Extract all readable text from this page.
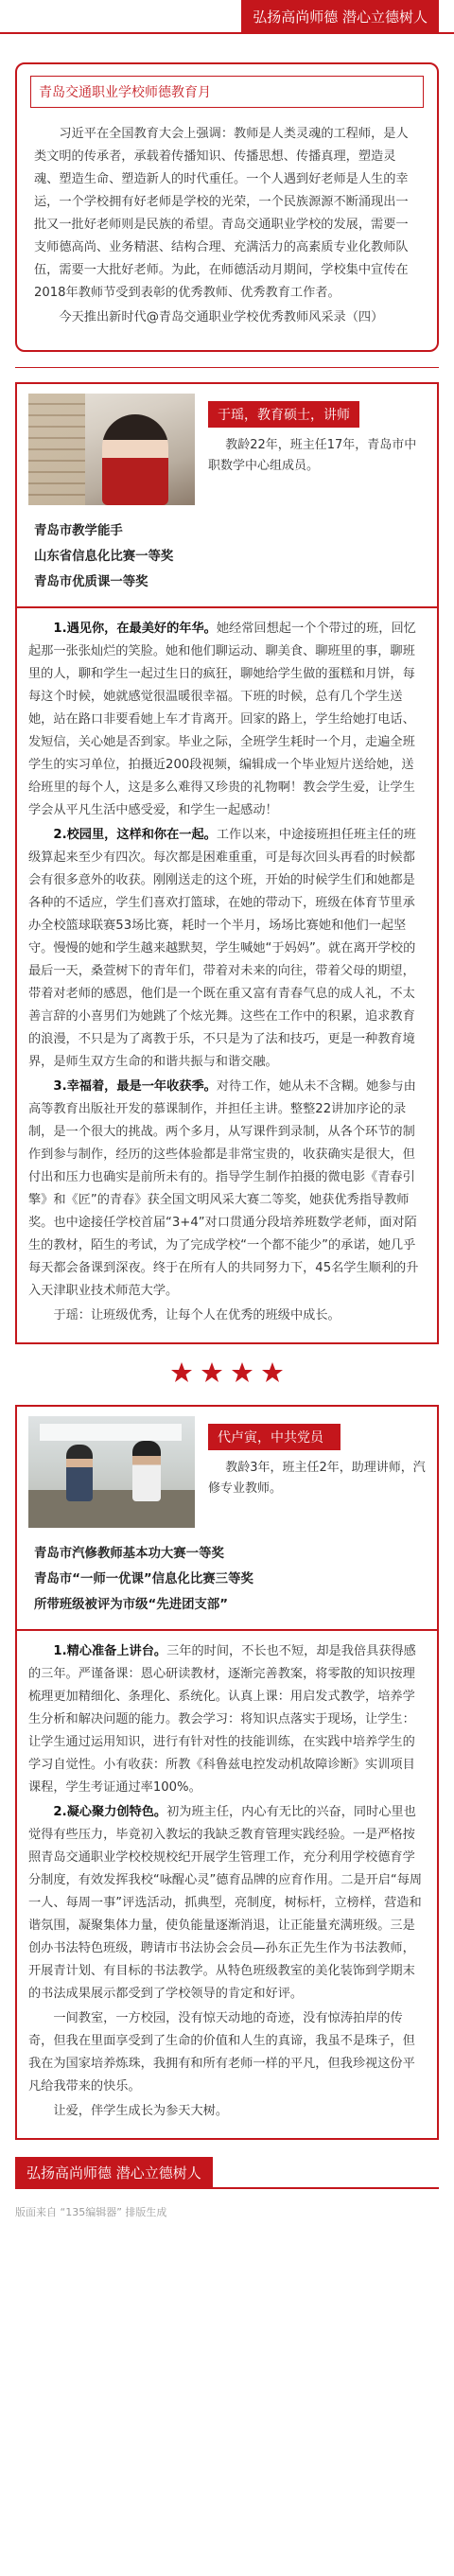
弘扬高尚师德 潜心立德树人
青岛交通职业学校师德教育月

习近平在全国教育大会上强调：教师是人类灵魂的工程师，是人类文明的传承者，承载着传播知识、传播思想、传播真理，塑造灵魂、塑造生命、塑造新人的时代重任。一个人遇到好老师是人生的幸运，一个学校拥有好老师是学校的光荣，一个民族源源不断涌现出一批又一批好老师则是民族的希望。青岛交通职业学校的发展，需要一支师德高尚、业务精湛、结构合理、充满活力的高素质专业化教师队伍，需要一大批好老师。为此，在师德活动月期间，学校集中宣传在2018年教师节受到表彰的优秀教师、优秀教育工作者。

今天推出新时代@青岛交通职业学校优秀教师风采录（四）

于瑶，教育硕士，讲师
教龄22年，班主任17年，青岛市中职数学中心组成员。
青岛市教学能手
山东省信息化比赛一等奖
青岛市优质课一等奖
1.遇见你，在最美好的年华。她经常回想起一个个带过的班，回忆起那一张张灿烂的笑脸。她和他们聊运动、聊美食、聊班里的事，聊班里的人，聊和学生一起过生日的疯狂，聊她给学生做的蛋糕和月饼，每每这个时候，她就感觉很温暖很幸福。下班的时候，总有几个学生送她，站在路口非要看她上车才肯离开。回家的路上，学生给她打电话、发短信，关心她是否到家。毕业之际，全班学生耗时一个月，走遍全班学生的实习单位，拍摄近200段视频，编辑成一个毕业短片送给她，送给班里的每个人，这是多么难得又珍贵的礼物啊！教会学生爱，让学生学会从平凡生活中感受爱，和学生一起感动！
2.校园里，这样和你在一起。工作以来，中途接班担任班主任的班级算起来至少有四次。每次都是困难重重，可是每次回头再看的时候都会有很多意外的收获。刚刚送走的这个班，开始的时候学生们和她都是各种的不适应，学生们喜欢打篮球，在她的带动下，班级在体育节里承办全校篮球联赛53场比赛，耗时一个半月，场场比赛她和他们一起坚守。慢慢的她和学生越来越默契，学生喊她“于妈妈”。就在离开学校的最后一天，桑萱树下的青年们，带着对未来的向往，带着父母的期望，带着对老师的感恩，他们是一个既在重又富有青春气息的成人礼，不太善言辞的小喜男们为她跳了个炫光舞。这些在工作中的积累，追求教育的浪漫，不只是为了离教于乐，不只是为了法和技巧，更是一种教育境界，是师生双方生命的和谐共振与和谐交融。
3.幸福着，最是一年收获季。对待工作，她从未不含糊。她参与由高等教育出版社开发的慕课制作，并担任主讲。整整22讲加序论的录制，是一个很大的挑战。两个多月，从写课件到录制，从各个环节的制作到参与制作，经历的这些体验都是非常宝贵的，收获确实是很大，但付出和压力也确实是前所未有的。指导学生制作拍摄的微电影《青春引擎》和《匠”的青春》获全国文明风采大赛二等奖，她获优秀指导教师奖。也中途接任学校首届“3+4”对口贯通分段培养班数学老师，面对陌生的教材，陌生的考试，为了完成学校“一个都不能少”的承诺，她几乎每天都会备课到深夜。终于在所有人的共同努力下，45名学生顺利的升入天津职业技术师范大学。
于瑶：让班级优秀，让每个人在优秀的班级中成长。

代卢寅，中共党员
教龄3年，班主任2年，助理讲师，汽修专业教师。
青岛市汽修教师基本功大赛一等奖
青岛市“一师一优课”信息化比赛三等奖
所带班级被评为市级“先进团支部”
1.精心准备上讲台。三年的时间，不长也不短，却是我倍具获得感的三年。严谨备课：恩心研读教材，逐渐完善教案，将零散的知识按理梳理更加精细化、条理化、系统化。认真上课：用启发式教学，培养学生分析和解决问题的能力。教会学习：将知识点落实于现场，让学生：让学生通过运用知识，进行有针对性的技能训练，在实践中培养学生的学习自觉性。小有收获：所教《科鲁兹电控发动机故障诊断》实训项目课程，学生考证通过率100%。
2.凝心聚力创特色。初为班主任，内心有无比的兴奋，同时心里也觉得有些压力，毕竟初入教坛的我缺乏教育管理实践经验。一是严格按照青岛交通职业学校校规校纪开展学生管理工作，充分利用学校德育学分制度，有效发挥我校“咏醒心灵”德育品牌的应育作用。二是开启“每周一人、每周一事”评选活动，抓典型，亮制度，树标杆，立榜样，营造和谐氛围，凝聚集体力量，使负能量逐渐消退，让正能量充满班级。三是创办书法特色班级，聘请市书法协会会员—孙东正先生作为书法教师，开展青计划、有目标的书法教学。从特色班级教室的美化装饰到学期末的书法成果展示都受到了学校领导的肯定和好评。
一间教室，一方校园，没有惊天动地的奇迹，没有惊涛拍岸的传奇，但我在里面享受到了生命的价值和人生的真谛，我虽不是珠子，但我在为国家培养炼珠，我拥有和所有老师一样的平凡，但我珍视这份平凡给我带来的快乐。
让爱，伴学生成长为参天大树。
弘扬高尚师德 潜心立德树人
版面来自 “135编辑器” 排版生成
